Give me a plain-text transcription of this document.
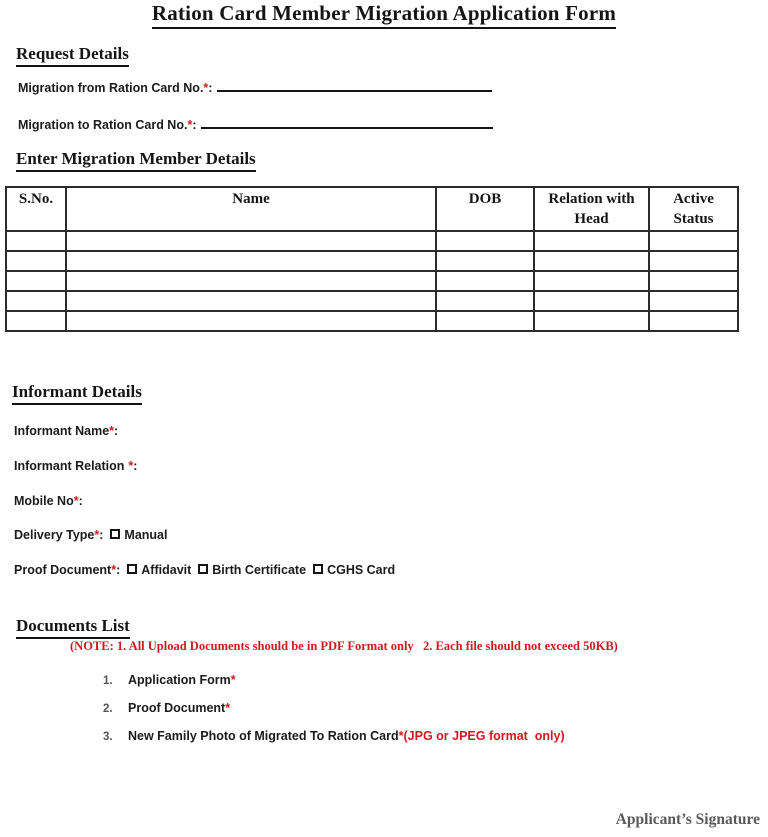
Ration Card Member Migration Application Form
Request Details
Migration from Ration Card No.*:
Migration to Ration Card No.*:
Enter Migration Member Details
S.No.	Name	DOB	Relation with Head	Active Status

Informant Details
Informant Name*:
Informant Relation *:
Mobile No*:
Delivery Type*: Manual
Proof Document*: Affidavit Birth Certificate CGHS Card
Documents List
(NOTE: 1. All Upload Documents should be in PDF Format only   2. Each file should not exceed 50KB)
1.	Application Form*
2.	Proof Document*
3.	New Family Photo of Migrated To Ration Card*(JPG or JPEG format  only)
Applicant’s Signature
